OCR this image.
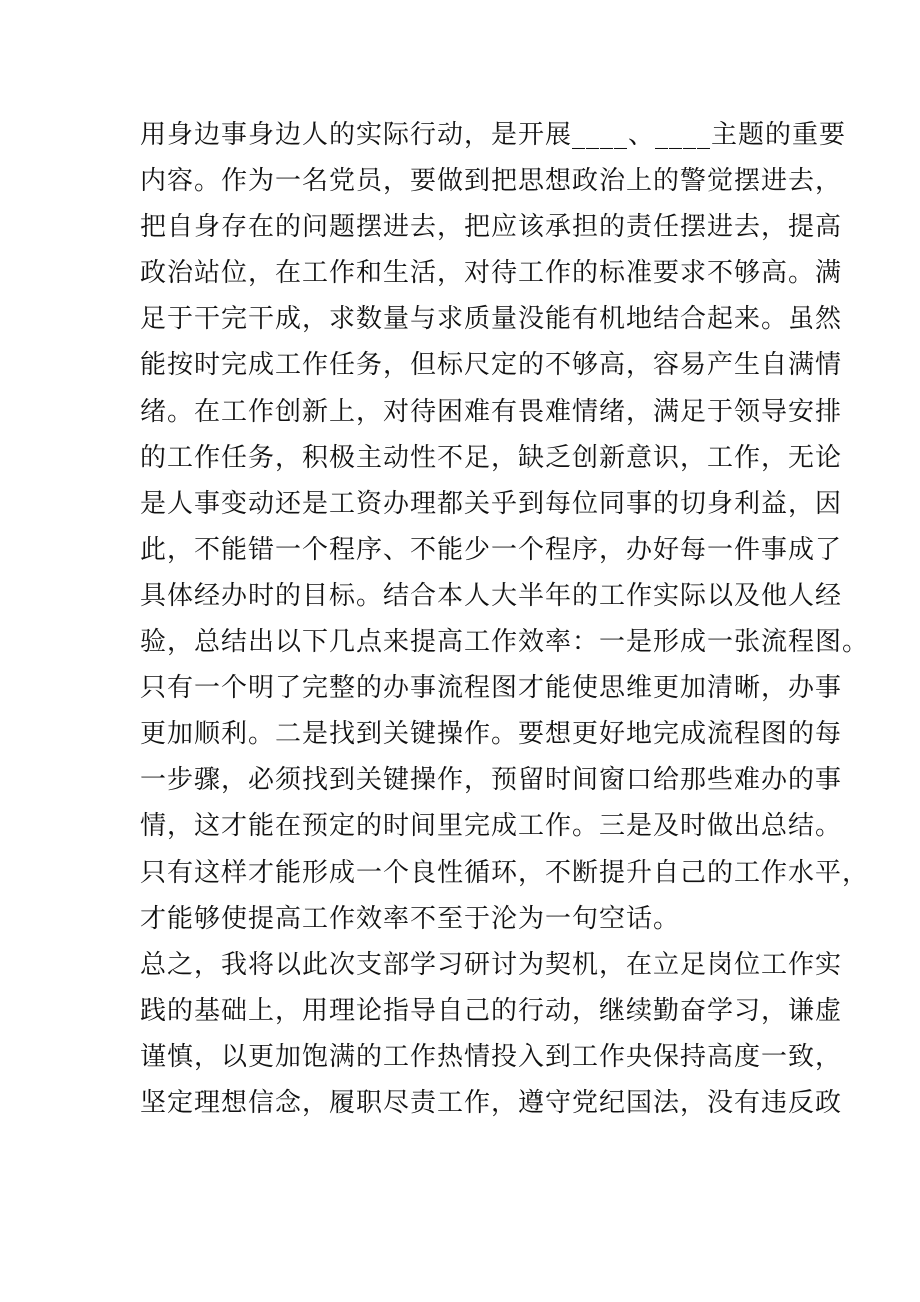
用身边事身边人的实际行动，是开展____、____主题的重要
内容。作为一名党员，要做到把思想政治上的警觉摆进去，
把自身存在的问题摆进去，把应该承担的责任摆进去，提高
政治站位，在工作和生活，对待工作的标准要求不够高。满
足于干完干成，求数量与求质量没能有机地结合起来。虽然
能按时完成工作任务，但标尺定的不够高，容易产生自满情
绪。在工作创新上，对待困难有畏难情绪，满足于领导安排
的工作任务，积极主动性不足，缺乏创新意识，工作，无论
是人事变动还是工资办理都关乎到每位同事的切身利益，因
此，不能错一个程序、不能少一个程序，办好每一件事成了
具体经办时的目标。结合本人大半年的工作实际以及他人经
验，总结出以下几点来提高工作效率：一是形成一张流程图。
只有一个明了完整的办事流程图才能使思维更加清晰，办事
更加顺利。二是找到关键操作。要想更好地完成流程图的每
一步骤，必须找到关键操作，预留时间窗口给那些难办的事
情，这才能在预定的时间里完成工作。三是及时做出总结。
只有这样才能形成一个良性循环，不断提升自己的工作水平，
才能够使提高工作效率不至于沦为一句空话。
总之，我将以此次支部学习研讨为契机，在立足岗位工作实
践的基础上，用理论指导自己的行动，继续勤奋学习，谦虚
谨慎，以更加饱满的工作热情投入到工作央保持高度一致，
坚定理想信念，履职尽责工作，遵守党纪国法，没有违反政
